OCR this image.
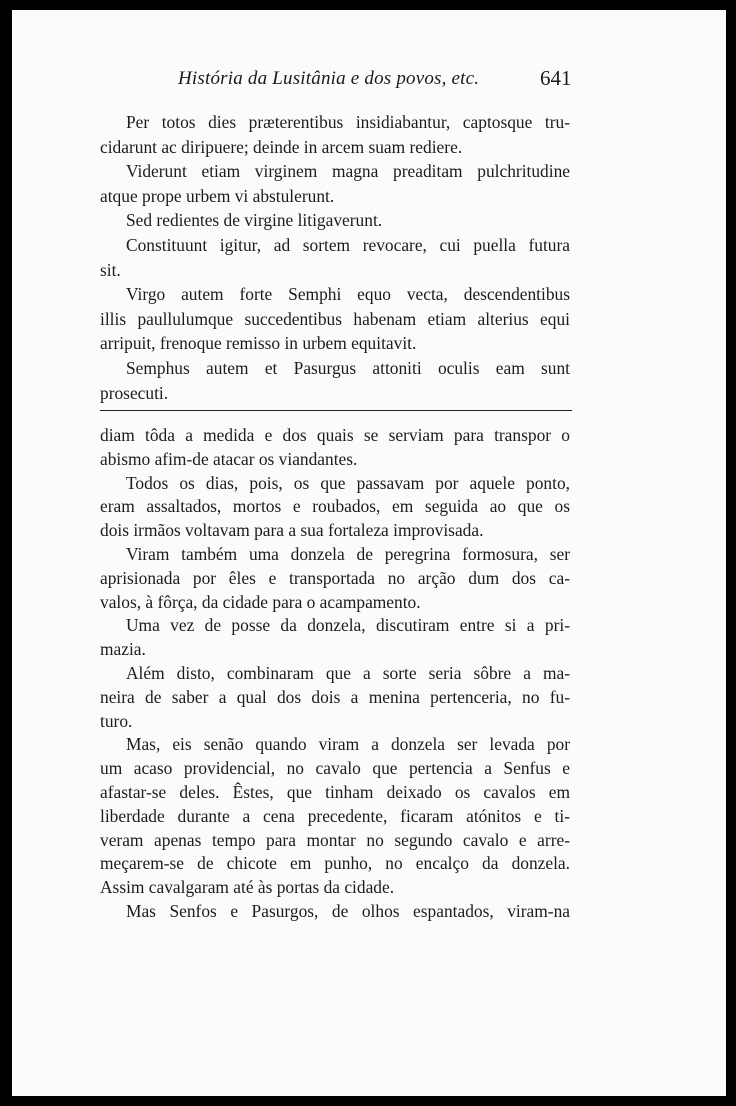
História da Lusitânia e dos povos, etc.	641
Per totos dies prӕterentibus insidiabantur, captosque tru-
cidarunt ac diripuere; deinde in arcem suam rediere.
Viderunt etiam virginem magna preaditam pulchritudine
atque prope urbem vi abstulerunt.
Sed redientes de virgine litigaverunt.
Constituunt igitur, ad sortem revocare, cui puella futura
sit.
Virgo autem forte Semphi equo vecta, descendentibus
illis paullulumque succedentibus habenam etiam alterius equi
arripuit, frenoque remisso in urbem equitavit.
Semphus autem et Pasurgus attoniti oculis eam sunt
prosecuti.
diam tôda a medida e dos quais se serviam para transpor o
abismo afim-de atacar os viandantes.
Todos os dias, pois, os que passavam por aquele ponto,
eram assaltados, mortos e roubados, em seguida ao que os
dois irmãos voltavam para a sua fortaleza improvisada.
Viram também uma donzela de peregrina formosura, ser
aprisionada por êles e transportada no arção dum dos ca-
valos, à fôrça, da cidade para o acampamento.
Uma vez de posse da donzela, discutiram entre si a pri-
mazia.
Além disto, combinaram que a sorte seria sôbre a ma-
neira de saber a qual dos dois a menina pertenceria, no fu-
turo.
Mas, eis senão quando viram a donzela ser levada por
um acaso providencial, no cavalo que pertencia a Senfus e
afastar-se deles. Êstes, que tinham deixado os cavalos em
liberdade durante a cena precedente, ficaram atónitos e ti-
veram apenas tempo para montar no segundo cavalo e arre-
meçarem-se de chicote em punho, no encalço da donzela.
Assim cavalgaram até às portas da cidade.
Mas Senfos e Pasurgos, de olhos espantados, viram-na
